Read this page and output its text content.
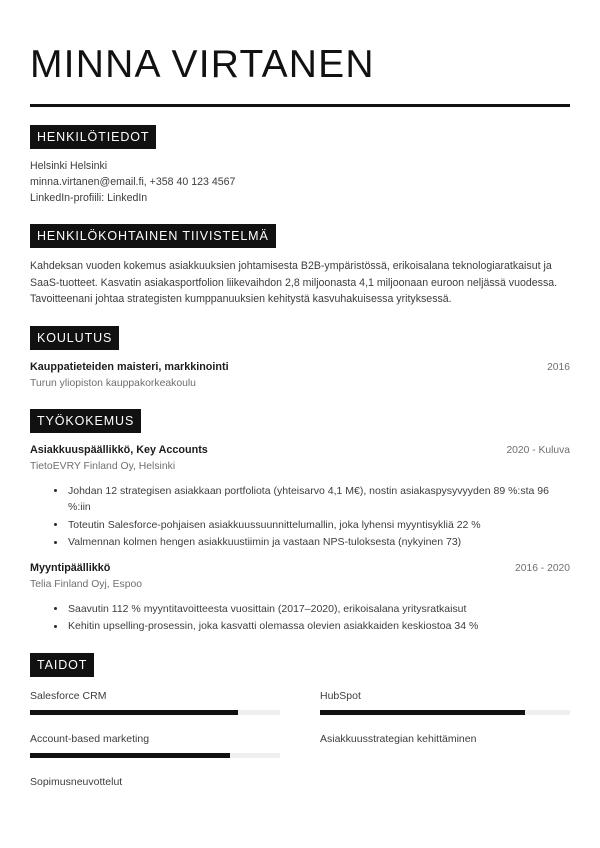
MINNA VIRTANEN
HENKILÖTIEDOT
Helsinki Helsinki
minna.virtanen@email.fi, +358 40 123 4567
LinkedIn-profiili: LinkedIn
HENKILÖKOHTAINEN TIIVISTELMÄ

Kahdeksan vuoden kokemus asiakkuuksien johtamisesta B2B-ympäristössä, erikoisalana teknologiaratkaisut ja SaaS-tuotteet. Kasvatin asiakasportfolion liikevaihdon 2,8 miljoonasta 4,1 miljoonaan euroon neljässä vuodessa. Tavoitteenani johtaa strategisten kumppanuuksien kehitystä kasvuhakuisessa yrityksessä.

KOULUTUS
Kauppatieteiden maisteri, markkinointi	2016
Turun yliopiston kauppakorkeakoulu
TYÖKOKEMUS
Asiakkuuspäällikkö, Key Accounts	2020 - Kuluva
TietoEVRY Finland Oy, Helsinki
Johdan 12 strategisen asiakkaan portfoliota (yhteisarvo 4,1 M€), nostin asiakaspysyvyyden 89 %:sta 96 %:iin
Toteutin Salesforce-pohjaisen asiakkuussuunnittelumallin, joka lyhensi myyntisykliä 22 %
Valmennan kolmen hengen asiakkuustiimin ja vastaan NPS-tuloksesta (nykyinen 73)
Myyntipäällikkö	2016 - 2020
Telia Finland Oyj, Espoo
Saavutin 112 % myyntitavoitteesta vuosittain (2017–2020), erikoisalana yritysratkaisut
Kehitin upselling-prosessin, joka kasvatti olemassa olevien asiakkaiden keskiostoa 34 %
TAIDOT
Salesforce CRM	HubSpot
Account-based marketing	Asiakkuusstrategian kehittäminen
Sopimusneuvottelut
